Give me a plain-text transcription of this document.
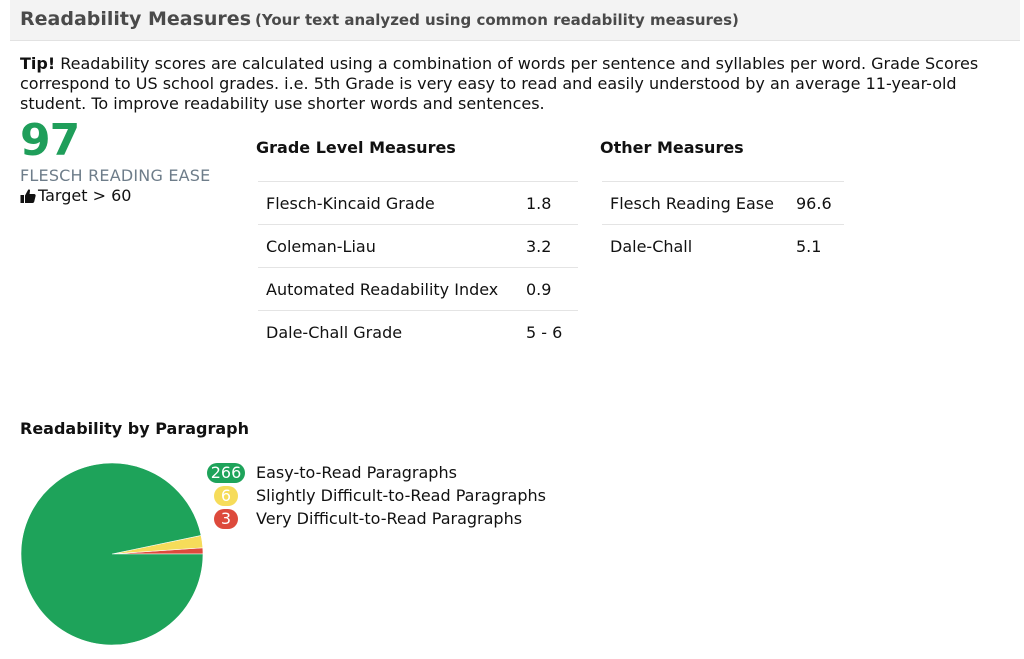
Readability Measures (Your text analyzed using common readability measures)
Tip! Readability scores are calculated using a combination of words per sentence and syllables per word. Grade Scores correspond to US school grades. i.e. 5th Grade is very easy to read and easily understood by an average 11-year-old student. To improve readability use shorter words and sentences.
97
FLESCH READING EASE
Target > 60
Grade Level Measures
Flesch-Kincaid Grade	1.8
Coleman-Liau	3.2
Automated Readability Index	0.9
Dale-Chall Grade	5 - 6
Other Measures
Flesch Reading Ease	96.6
Dale-Chall	5.1
Readability by Paragraph
266 Easy-to-Read Paragraphs
6	Slightly Difficult-to-Read Paragraphs
3	Very Difficult-to-Read Paragraphs
